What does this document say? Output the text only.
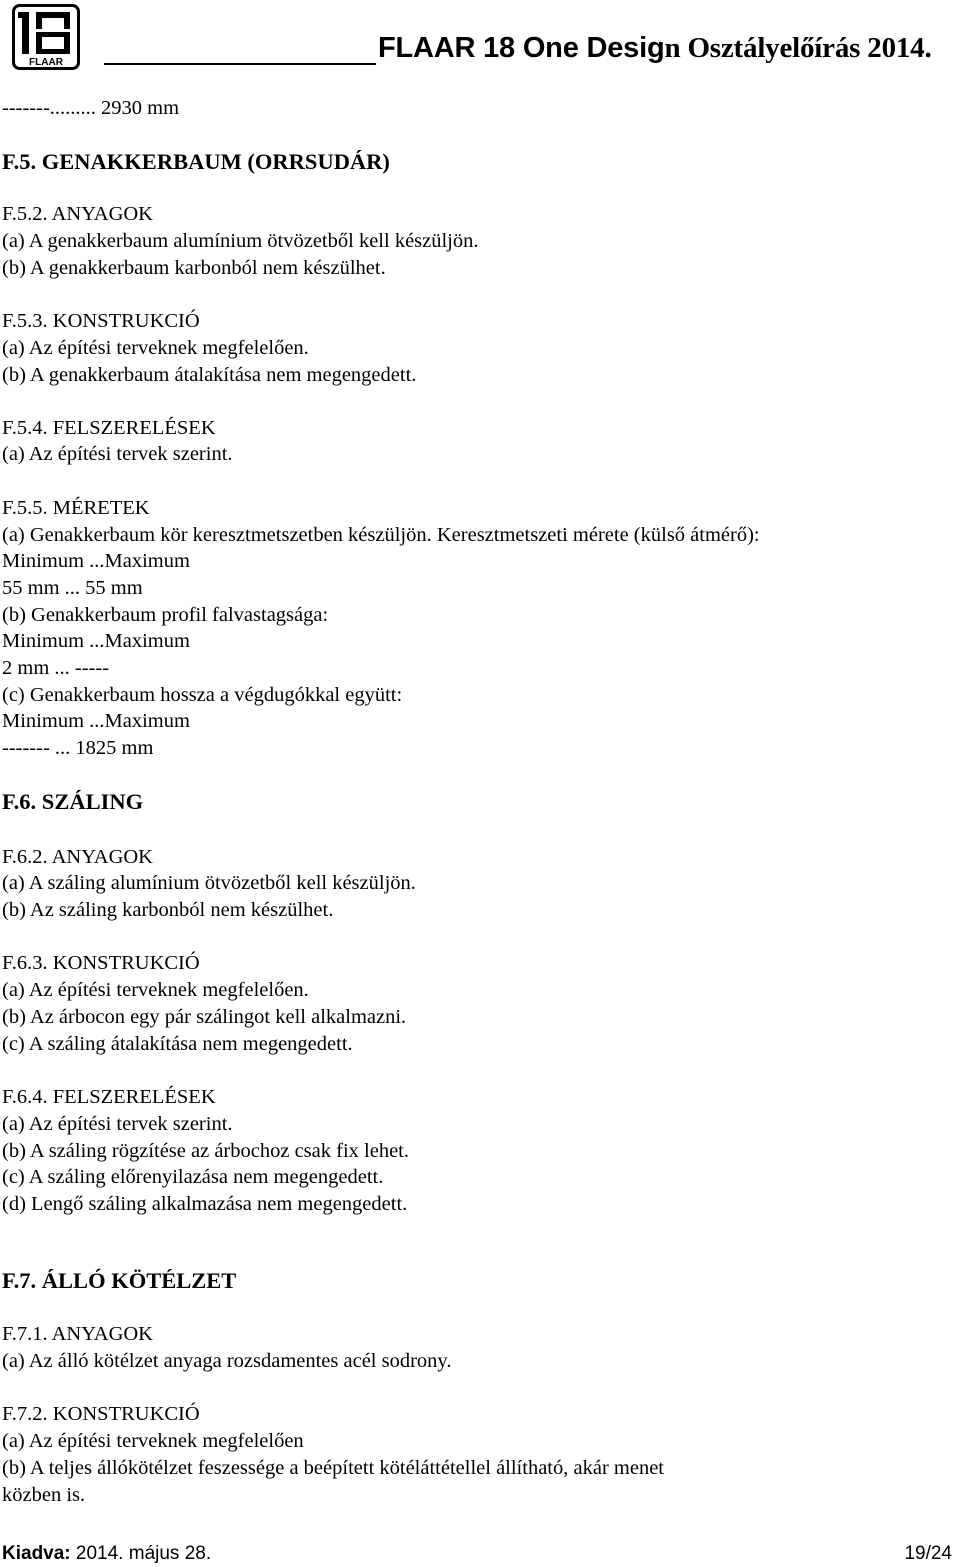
FLAAR	FLAAR 18 One Design Osztályelőírás 2014.
-------......... 2930 mm
F.5. GENAKKERBAUM (ORRSUDÁR)
F.5.2. ANYAGOK
(a) A genakkerbaum alumínium ötvözetből kell készüljön.
(b) A genakkerbaum karbonból nem készülhet.
F.5.3. KONSTRUKCIÓ
(a) Az építési terveknek megfelelően.
(b) A genakkerbaum átalakítása nem megengedett.
F.5.4. FELSZERELÉSEK
(a) Az építési tervek szerint.
F.5.5. MÉRETEK
(a) Genakkerbaum kör keresztmetszetben készüljön. Keresztmetszeti mérete (külső átmérő):
Minimum ...Maximum
55 mm ... 55 mm
(b) Genakkerbaum profil falvastagsága:
Minimum ...Maximum
2 mm ... -----
(c) Genakkerbaum hossza a végdugókkal együtt:
Minimum ...Maximum
------- ... 1825 mm
F.6. SZÁLING
F.6.2. ANYAGOK
(a) A száling alumínium ötvözetből kell készüljön.
(b) Az száling karbonból nem készülhet.
F.6.3. KONSTRUKCIÓ
(a) Az építési terveknek megfelelően.
(b) Az árbocon egy pár szálingot kell alkalmazni.
(c) A száling átalakítása nem megengedett.
F.6.4. FELSZERELÉSEK
(a) Az építési tervek szerint.
(b) A száling rögzítése az árbochoz csak fix lehet.
(c) A száling előrenyilazása nem megengedett.
(d) Lengő száling alkalmazása nem megengedett.
F.7. ÁLLÓ KÖTÉLZET
F.7.1. ANYAGOK
(a) Az álló kötélzet anyaga rozsdamentes acél sodrony.
F.7.2. KONSTRUKCIÓ
(a) Az építési terveknek megfelelően
(b) A teljes állókötélzet feszessége a beépített kötéláttétellel állítható, akár menet
közben is.
Kiadva: 2014. május 28.	19/24
